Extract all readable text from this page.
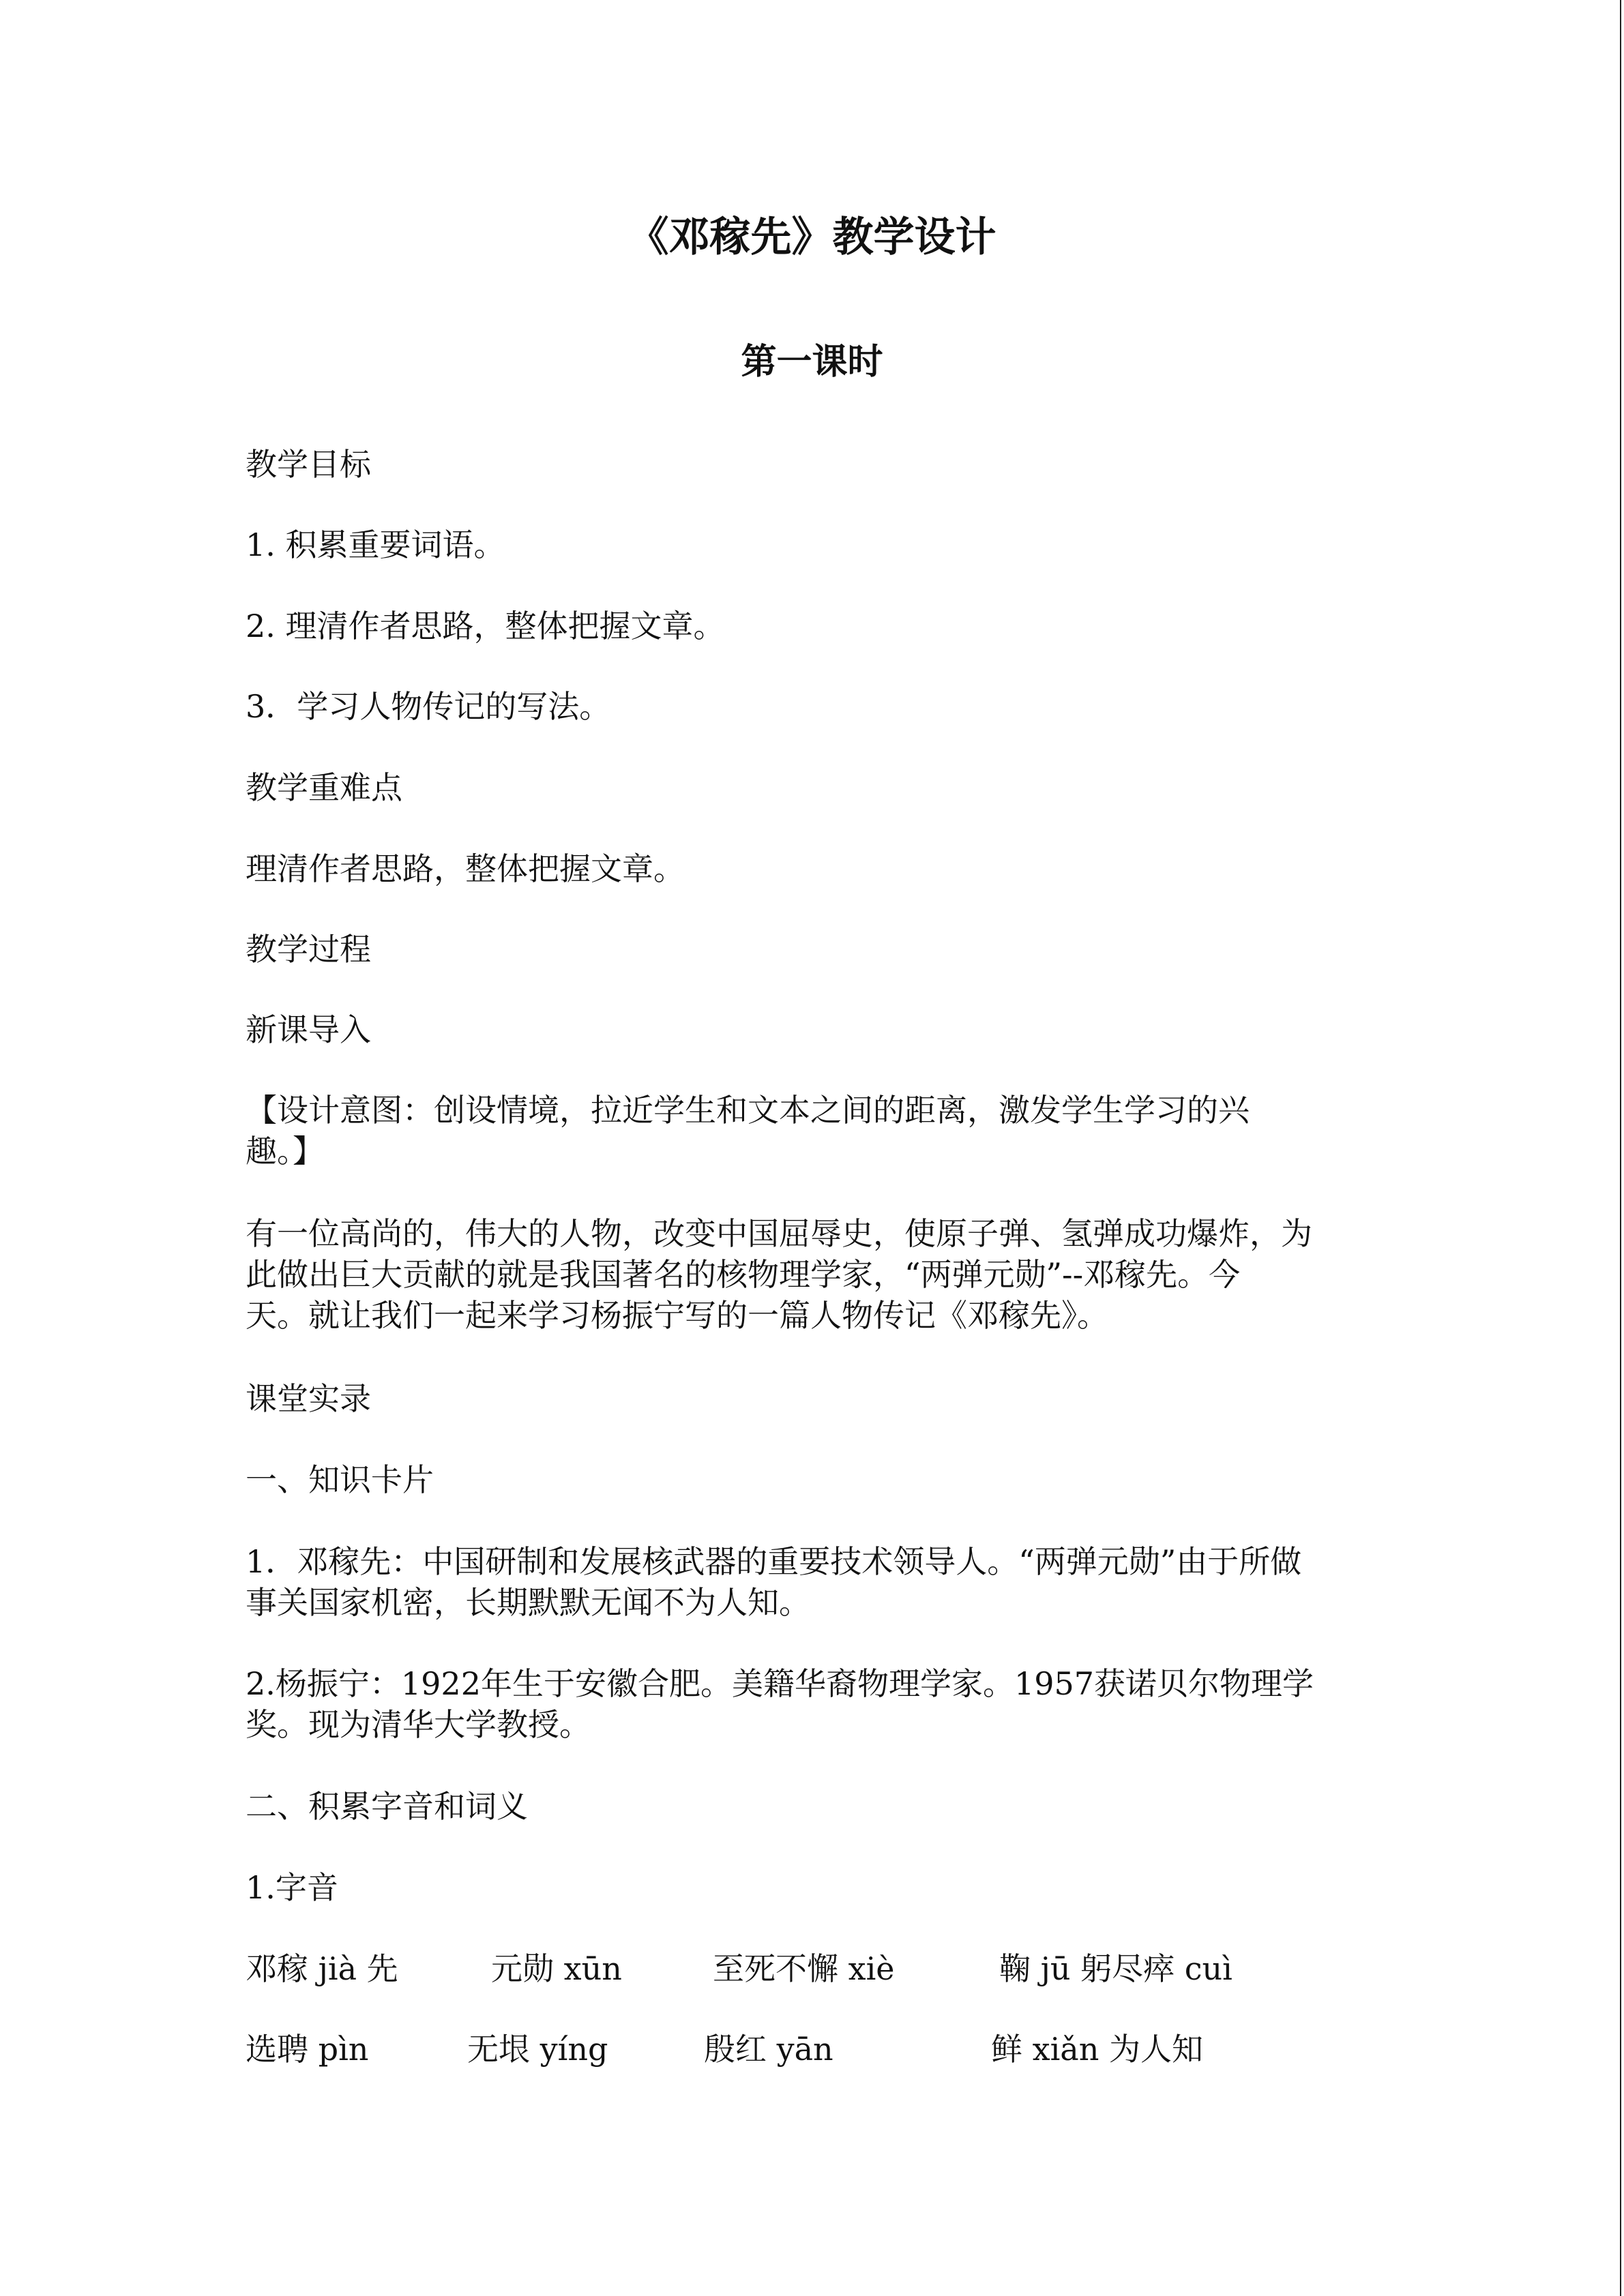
《邓稼先》教学设计
第一课时

教学目标

1. 积累重要词语。

2. 理清作者思路，整体把握文章。

3．学习人物传记的写法。

教学重难点

理清作者思路，整体把握文章。

教学过程

新课导入

【设计意图：创设情境，拉近学生和文本之间的距离，激发学生学习的兴
趣。】
有一位高尚的，伟大的人物，改变中国屈辱史，使原子弹、氢弹成功爆炸，为
此做出巨大贡献的就是我国著名的核物理学家，“两弹元勋”--邓稼先。今
天。就让我们一起来学习杨振宁写的一篇人物传记《邓稼先》。

课堂实录

一、知识卡片

1．邓稼先：中国研制和发展核武器的重要技术领导人。“两弹元勋”由于所做
事关国家机密，长期默默无闻不为人知。
2.杨振宁：1922年生于安徽合肥。美籍华裔物理学家。1957获诺贝尔物理学
奖。现为清华大学教授。

二、积累字音和词义

1.字音

邓稼 jià 先	元勋 xūn	至死不懈 xiè	鞠 jū 躬尽瘁 cuì

选聘 pìn	无垠 yíng	殷红 yān	鲜 xiǎn 为人知
